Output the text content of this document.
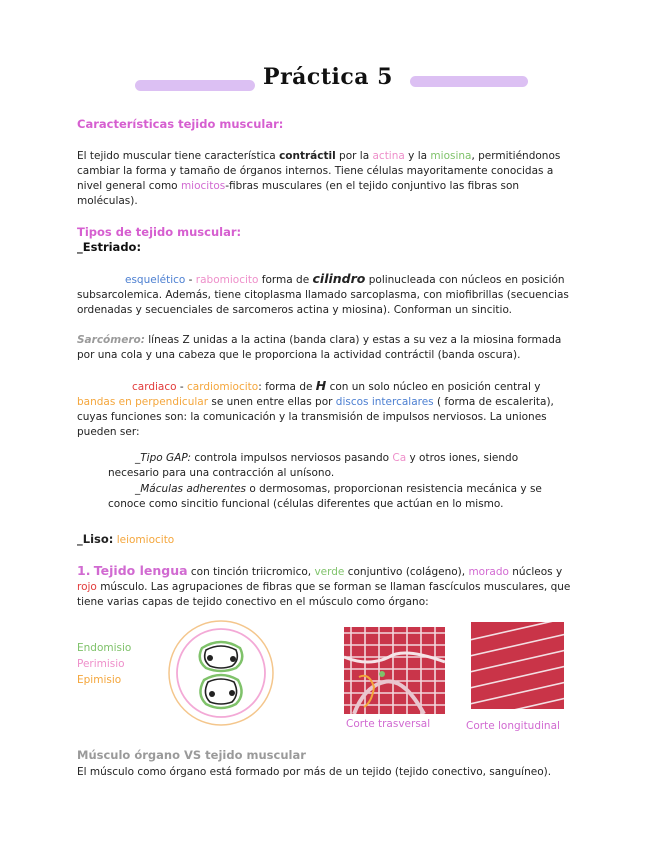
Práctica 5
Características tejido muscular:

El tejido muscular tiene característica contráctil por la actina y la miosina, permitiéndonos cambiar la forma y tamaño de órganos internos. Tiene células mayoritamente conocidas a nivel general como miocitos-fibras musculares (en el tejido conjuntivo las fibras son moléculas).

Tipos de tejido muscular:
_Estriado:

esquelético - rabomiocito forma de cilindro polinucleada con núcleos en posición subsarcolemica. Además, tiene citoplasma llamado sarcoplasma, con miofibrillas (secuencias ordenadas y secuenciales de sarcomeros actina y miosina). Conforman un sincitio.

Sarcómero: líneas Z unidas a la actina (banda clara) y estas a su vez a la miosina formada por una cola y una cabeza que le proporciona la actividad contráctil (banda oscura).

cardiaco - cardiomiocito: forma de H con un solo núcleo en posición central y bandas en perpendicular se unen entre ellas por discos intercalares ( forma de escalerita), cuyas funciones son: la comunicación y la transmisión de impulsos nerviosos. La uniones pueden ser:

_Tipo GAP: controla impulsos nerviosos pasando Ca y otros iones, siendo necesario para una contracción al unísono.

_Máculas adherentes o dermosomas, proporcionan resistencia mecánica y se conoce como sincitio funcional (células diferentes que actúan en lo mismo.

_Liso: leiomiocito

1. Tejido lengua con tinción triicromico, verde conjuntivo (colágeno), morado núcleos y rojo músculo. Las agrupaciones de fibras que se forman se llaman fascículos musculares, que tiene varias capas de tejido conectivo en el músculo como órgano:

Endomisio
Perimisio
Epimisio
Corte trasversal	Corte longitudinal
Músculo órgano VS tejido muscular

El músculo como órgano está formado por más de un tejido (tejido conectivo, sanguíneo).
